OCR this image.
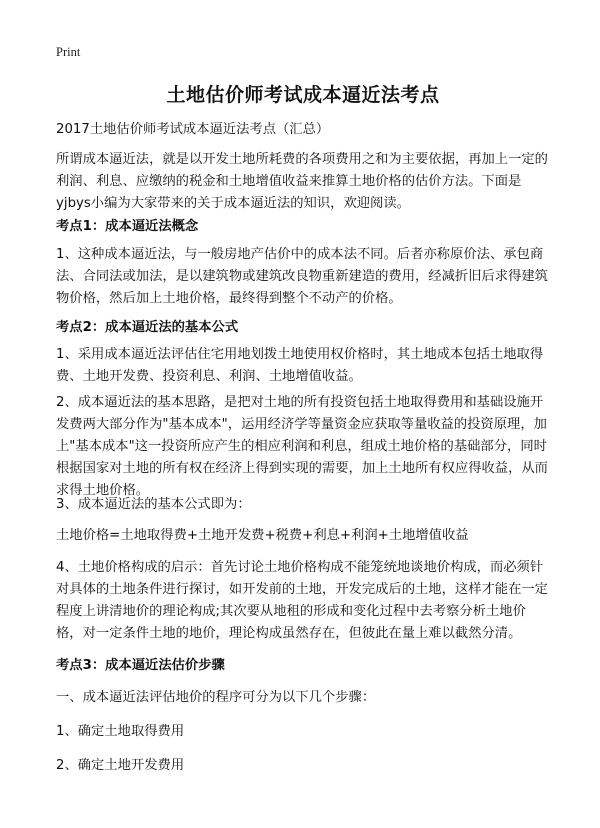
Print
土地估价师考试成本逼近法考点

2017土地估价师考试成本逼近法考点（汇总）

所谓成本逼近法，就是以开发土地所耗费的各项费用之和为主要依据，再加上一定的利润、利息、应缴纳的税金和土地增值收益来推算土地价格的估价方法。下面是yjbys小编为大家带来的关于成本逼近法的知识，欢迎阅读。

考点1：成本逼近法概念

1、这种成本逼近法，与一般房地产估价中的成本法不同。后者亦称原价法、承包商法、合同法或加法，是以建筑物或建筑改良物重新建造的费用，经减折旧后求得建筑物价格，然后加上土地价格，最终得到整个不动产的价格。

考点2：成本逼近法的基本公式

1、采用成本逼近法评估住宅用地划拨土地使用权价格时，其土地成本包括土地取得费、土地开发费、投资利息、利润、土地增值收益。

2、成本逼近法的基本思路，是把对土地的所有投资包括土地取得费用和基础设施开发费两大部分作为"基本成本"，运用经济学等量资金应获取等量收益的投资原理，加上"基本成本"这一投资所应产生的相应利润和利息，组成土地价格的基础部分，同时根据国家对土地的所有权在经济上得到实现的需要，加上土地所有权应得收益，从而求得土地价格。

3、成本逼近法的基本公式即为：

土地价格=土地取得费+土地开发费+税费+利息+利润+土地增值收益

4、土地价格构成的启示：首先讨论土地价格构成不能笼统地谈地价构成，而必须针对具体的土地条件进行探讨，如开发前的土地，开发完成后的土地，这样才能在一定程度上讲清地价的理论构成;其次要从地租的形成和变化过程中去考察分析土地价格，对一定条件土地的地价，理论构成虽然存在，但彼此在量上难以截然分清。

考点3：成本逼近法估价步骤

一、成本逼近法评估地价的程序可分为以下几个步骤：

1、确定土地取得费用

2、确定土地开发费用
